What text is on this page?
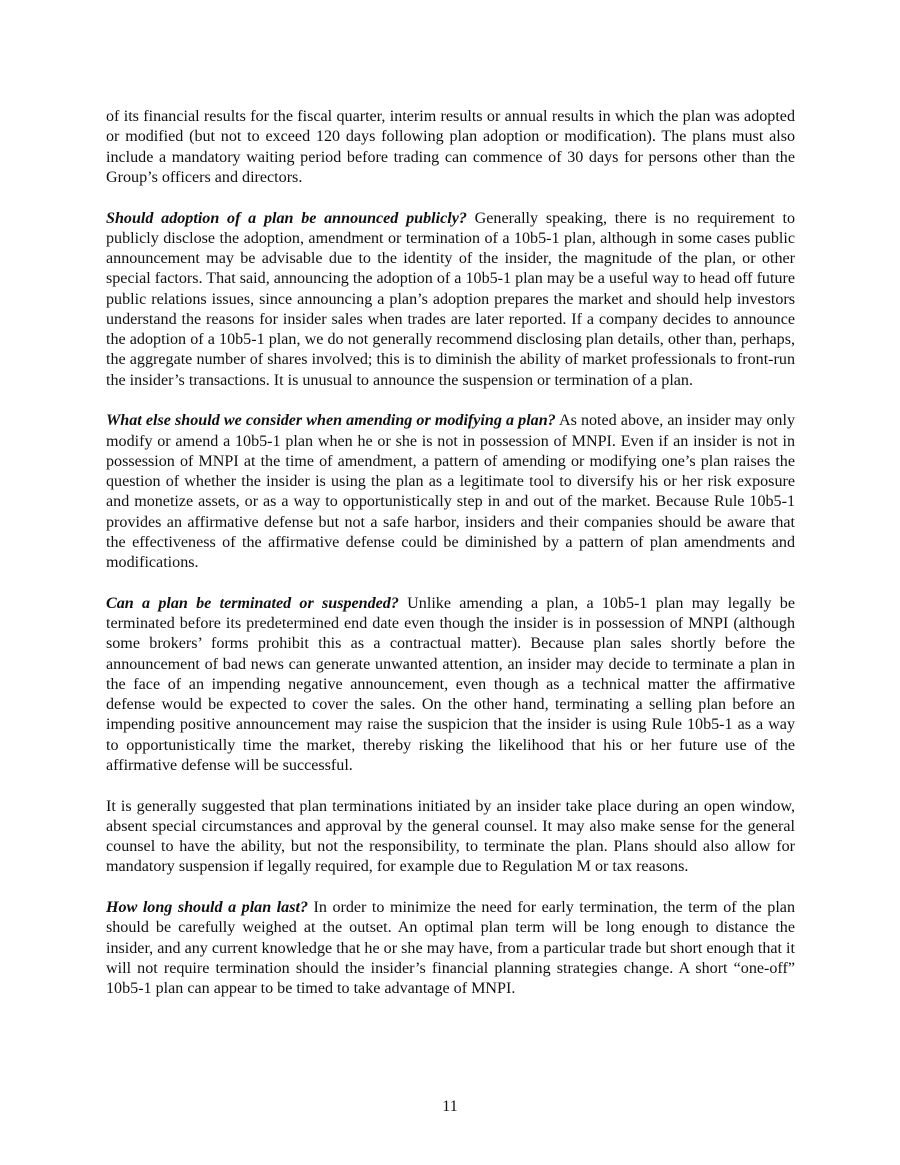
of its financial results for the fiscal quarter, interim results or annual results in which the plan was adopted or modified (but not to exceed 120 days following plan adoption or modification). The plans must also include a mandatory waiting period before trading can commence of 30 days for persons other than the Group’s officers and directors.

Should adoption of a plan be announced publicly? Generally speaking, there is no requirement to publicly disclose the adoption, amendment or termination of a 10b5-1 plan, although in some cases public announcement may be advisable due to the identity of the insider, the magnitude of the plan, or other special factors. That said, announcing the adoption of a 10b5-1 plan may be a useful way to head off future public relations issues, since announcing a plan’s adoption prepares the market and should help investors understand the reasons for insider sales when trades are later reported. If a company decides to announce the adoption of a 10b5-1 plan, we do not generally recommend disclosing plan details, other than, perhaps, the aggregate number of shares involved; this is to diminish the ability of market professionals to front-run the insider’s transactions. It is unusual to announce the suspension or termination of a plan.

What else should we consider when amending or modifying a plan? As noted above, an insider may only modify or amend a 10b5-1 plan when he or she is not in possession of MNPI. Even if an insider is not in possession of MNPI at the time of amendment, a pattern of amending or modifying one’s plan raises the question of whether the insider is using the plan as a legitimate tool to diversify his or her risk exposure and monetize assets, or as a way to opportunistically step in and out of the market. Because Rule 10b5-1 provides an affirmative defense but not a safe harbor, insiders and their companies should be aware that the effectiveness of the affirmative defense could be diminished by a pattern of plan amendments and modifications.

Can a plan be terminated or suspended? Unlike amending a plan, a 10b5-1 plan may legally be terminated before its predetermined end date even though the insider is in possession of MNPI (although some brokers’ forms prohibit this as a contractual matter). Because plan sales shortly before the announcement of bad news can generate unwanted attention, an insider may decide to terminate a plan in the face of an impending negative announcement, even though as a technical matter the affirmative defense would be expected to cover the sales. On the other hand, terminating a selling plan before an impending positive announcement may raise the suspicion that the insider is using Rule 10b5-1 as a way to opportunistically time the market, thereby risking the likelihood that his or her future use of the affirmative defense will be successful.

It is generally suggested that plan terminations initiated by an insider take place during an open window, absent special circumstances and approval by the general counsel. It may also make sense for the general counsel to have the ability, but not the responsibility, to terminate the plan. Plans should also allow for mandatory suspension if legally required, for example due to Regulation M or tax reasons.

How long should a plan last? In order to minimize the need for early termination, the term of the plan should be carefully weighed at the outset. An optimal plan term will be long enough to distance the insider, and any current knowledge that he or she may have, from a particular trade but short enough that it will not require termination should the insider’s financial planning strategies change. A short “one-off” 10b5-1 plan can appear to be timed to take advantage of MNPI.

11
